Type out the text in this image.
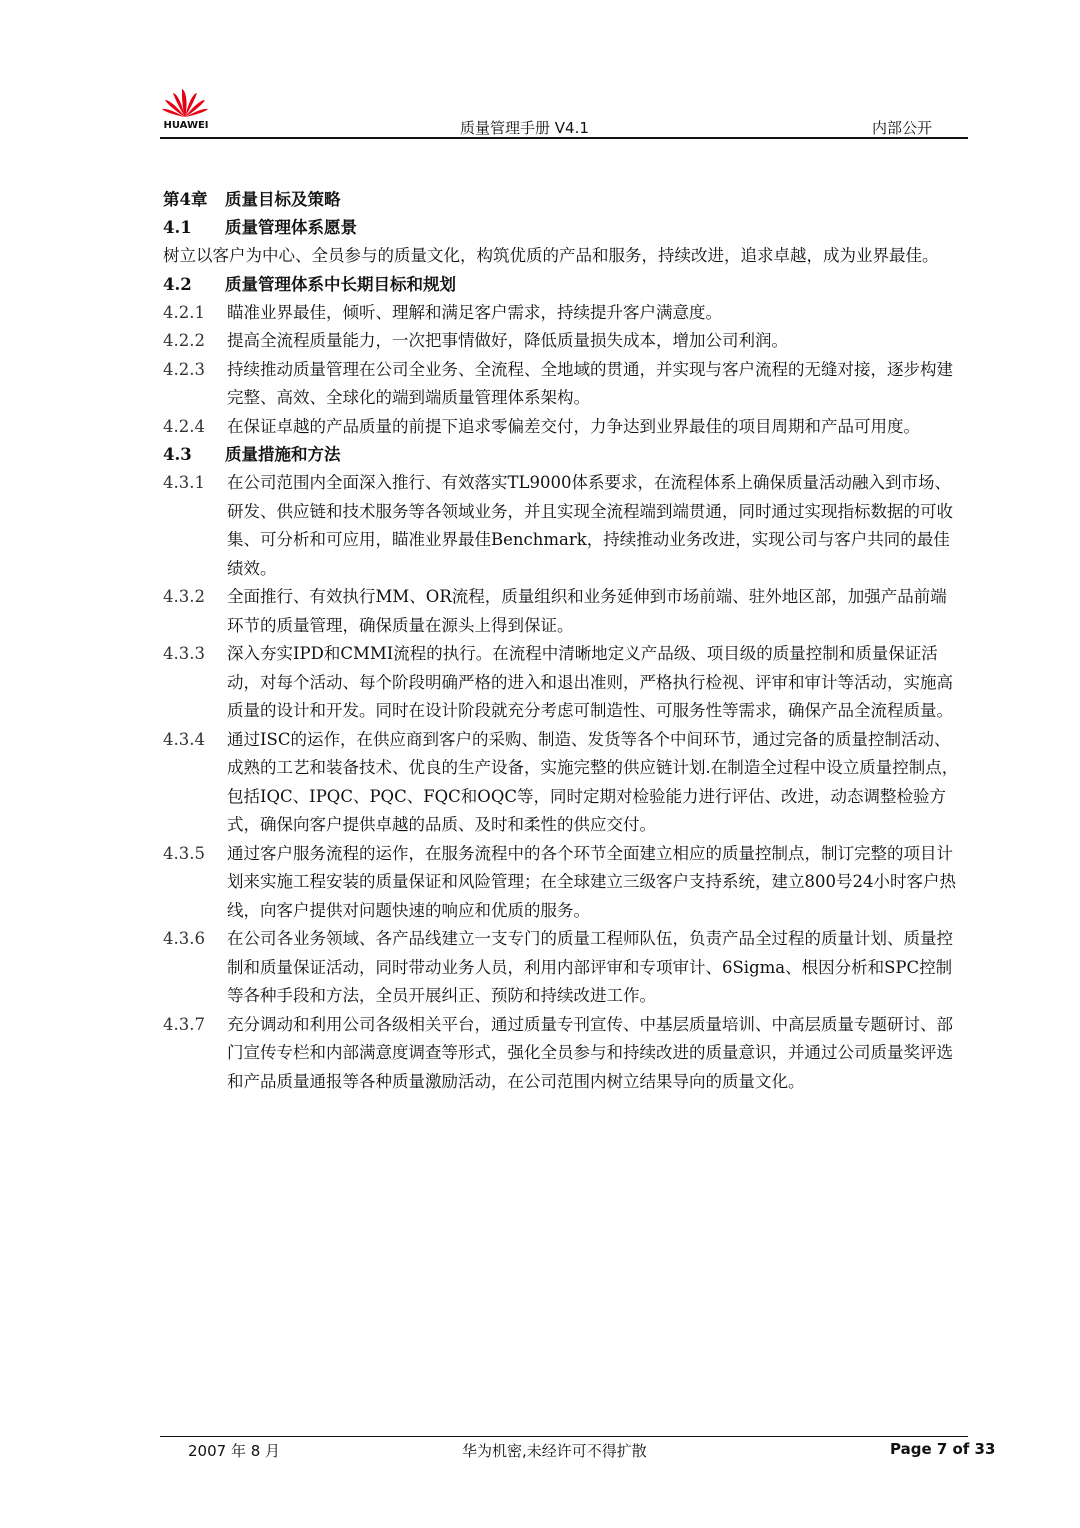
HUAWEI	质量管理手册 V4.1	内部公开
第4章 质量目标及策略
4.1 质量管理体系愿景
树立以客户为中心、全员参与的质量文化，构筑优质的产品和服务，持续改进，追求卓越，成为业界最佳。
4.2 质量管理体系中长期目标和规划
4.2.1	瞄准业界最佳，倾听、理解和满足客户需求，持续提升客户满意度。
4.2.2	提高全流程质量能力，一次把事情做好，降低质量损失成本，增加公司利润。
4.2.3	持续推动质量管理在公司全业务、全流程、全地域的贯通，并实现与客户流程的无缝对接，逐步构建完整、高效、全球化的端到端质量管理体系架构。
4.2.4	在保证卓越的产品质量的前提下追求零偏差交付，力争达到业界最佳的项目周期和产品可用度。
4.3 质量措施和方法
4.3.1	在公司范围内全面深入推行、有效落实TL9000体系要求，在流程体系上确保质量活动融入到市场、研发、供应链和技术服务等各领域业务，并且实现全流程端到端贯通，同时通过实现指标数据的可收集、可分析和可应用，瞄准业界最佳Benchmark，持续推动业务改进，实现公司与客户共同的最佳绩效。
4.3.2	全面推行、有效执行MM、OR流程，质量组织和业务延伸到市场前端、驻外地区部，加强产品前端环节的质量管理，确保质量在源头上得到保证。
4.3.3	深入夯实IPD和CMMI流程的执行。在流程中清晰地定义产品级、项目级的质量控制和质量保证活动，对每个活动、每个阶段明确严格的进入和退出准则，严格执行检视、评审和审计等活动，实施高质量的设计和开发。同时在设计阶段就充分考虑可制造性、可服务性等需求，确保产品全流程质量。
4.3.4	通过ISC的运作，在供应商到客户的采购、制造、发货等各个中间环节，通过完备的质量控制活动、成熟的工艺和装备技术、优良的生产设备，实施完整的供应链计划.在制造全过程中设立质量控制点，包括IQC、IPQC、PQC、FQC和OQC等，同时定期对检验能力进行评估、改进，动态调整检验方式，确保向客户提供卓越的品质、及时和柔性的供应交付。
4.3.5	通过客户服务流程的运作，在服务流程中的各个环节全面建立相应的质量控制点，制订完整的项目计划来实施工程安装的质量保证和风险管理；在全球建立三级客户支持系统，建立800号24小时客户热线，向客户提供对问题快速的响应和优质的服务。
4.3.6	在公司各业务领域、各产品线建立一支专门的质量工程师队伍，负责产品全过程的质量计划、质量控制和质量保证活动，同时带动业务人员，利用内部评审和专项审计、6Sigma、根因分析和SPC控制等各种手段和方法，全员开展纠正、预防和持续改进工作。
4.3.7	充分调动和利用公司各级相关平台，通过质量专刊宣传、中基层质量培训、中高层质量专题研讨、部门宣传专栏和内部满意度调查等形式，强化全员参与和持续改进的质量意识，并通过公司质量奖评选和产品质量通报等各种质量激励活动，在公司范围内树立结果导向的质量文化。
2007 年 8 月	华为机密,未经许可不得扩散	Page 7 of 33
